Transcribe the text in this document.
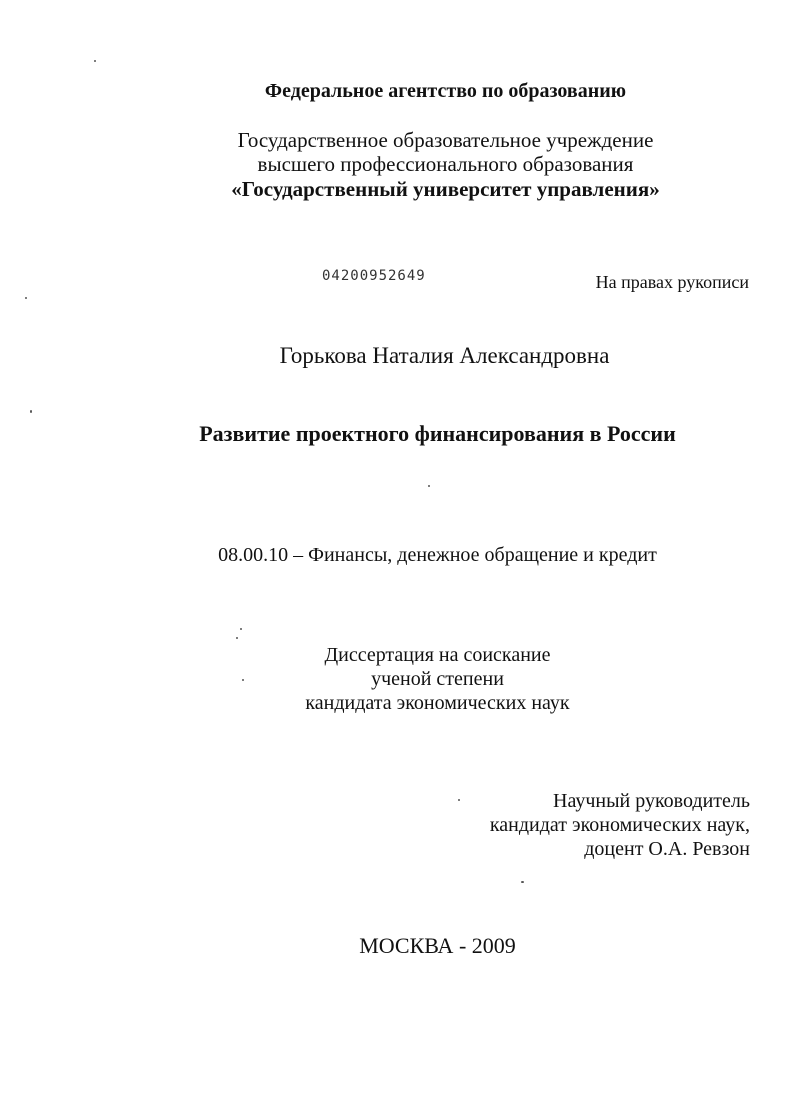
Федеральное агентство по образованию
Государственное образовательное учреждение
высшего профессионального образования
«Государственный университет управления»
04200952649	На правах рукописи
Горькова Наталия Александровна
Развитие проектного финансирования в России
08.00.10 – Финансы, денежное обращение и кредит
Диссертация на соискание
ученой степени
кандидата экономических наук
Научный руководитель
кандидат экономических наук,
доцент О.А. Ревзон
МОСКВА - 2009
